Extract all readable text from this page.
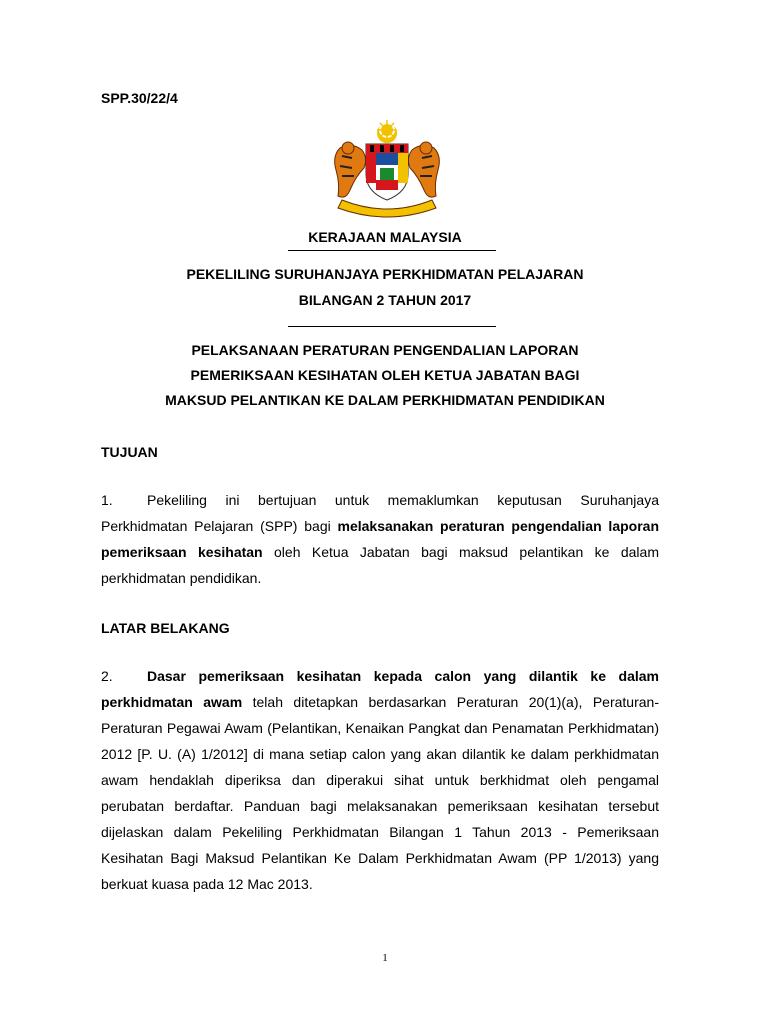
SPP.30/22/4
KERAJAAN MALAYSIA
PEKELILING SURUHANJAYA PERKHIDMATAN PELAJARAN
BILANGAN 2 TAHUN 2017
PELAKSANAAN PERATURAN PENGENDALIAN LAPORAN
PEMERIKSAAN KESIHATAN OLEH KETUA JABATAN BAGI
MAKSUD PELANTIKAN KE DALAM PERKHIDMATAN PENDIDIKAN
TUJUAN

1. Pekeliling ini bertujuan untuk memaklumkan keputusan Suruhanjaya Perkhidmatan Pelajaran (SPP) bagi melaksanakan peraturan pengendalian laporan pemeriksaan kesihatan oleh Ketua Jabatan bagi maksud pelantikan ke dalam perkhidmatan pendidikan.

LATAR BELAKANG

2. Dasar pemeriksaan kesihatan kepada calon yang dilantik ke dalam perkhidmatan awam telah ditetapkan berdasarkan Peraturan 20(1)(a), Peraturan-Peraturan Pegawai Awam (Pelantikan, Kenaikan Pangkat dan Penamatan Perkhidmatan) 2012 [P. U. (A) 1/2012] di mana setiap calon yang akan dilantik ke dalam perkhidmatan awam hendaklah diperiksa dan diperakui sihat untuk berkhidmat oleh pengamal perubatan berdaftar. Panduan bagi melaksanakan pemeriksaan kesihatan tersebut dijelaskan dalam Pekeliling Perkhidmatan Bilangan 1 Tahun 2013 - Pemeriksaan Kesihatan Bagi Maksud Pelantikan Ke Dalam Perkhidmatan Awam (PP 1/2013) yang berkuat kuasa pada 12 Mac 2013.

1
